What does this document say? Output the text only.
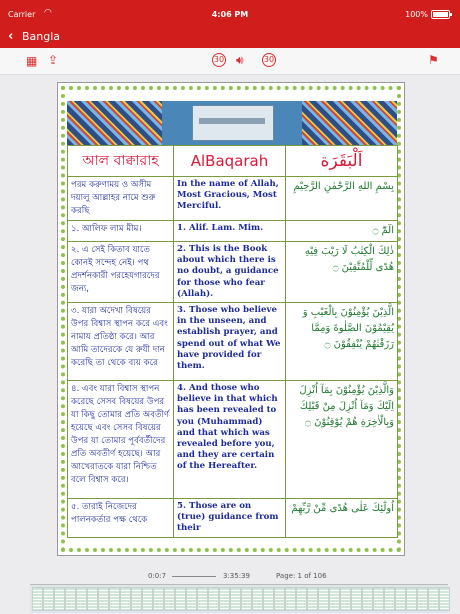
Carrier ◠	4:06 PM	100%
‹ Bangla
▦ ⇪	30 🔊︎	30	⚑
আল বাক্বারাহ	AlBaqarah	اَلْبَقَرَة
পরম করুণাময় ও অসীম দয়ালু আল্লাহর নামে শুরু করছি	In the name of Allah, Most Gracious, Most Merciful.	بِسْمِ اللهِ الرَّحْمٰنِ الرَّحِيْمِ
১. আলিফ লাম মীম।	1. Alif. Lam. Mim.	الٓمّٓ ۝
২. এ সেই কিতাব যাতে কোনই সন্দেহ নেই। পথ প্রদর্শনকারী পরহেযগারদের জন্য,	2. This is the Book about which there is no doubt, a guidance for those who fear (Allah).	ذٰلِكَ الْكِتٰبُ لَا رَيْبَ فِيْهِ هُدًى لِّلْمُتَّقِيْنَ ۝
৩. যারা অদেখা বিষয়ের উপর বিশ্বাস স্থাপন করে এবং নামায প্রতিষ্ঠা করে। আর আমি তাদেরকে যে রুযী দান করেছি তা থেকে ব্যয় করে	3. Those who believe in the unseen, and establish prayer, and spend out of what We have provided for them.	الَّذِيْنَ يُؤْمِنُوْنَ بِالْغَيْبِ وَ يُقِيْمُوْنَ الصَّلٰوةَ وَمِمَّا رَزَقْنٰهُمْ يُنْفِقُوْنَ ۝
৪. এবং যারা বিশ্বাস স্থাপন করেছে সেসব বিষয়ের উপর যা কিছু তোমার প্রতি অবতীর্ণ হয়েছে এবং সেসব বিষয়ের উপর যা তোমার পূর্ববর্তীদের প্রতি অবতীর্ণ হয়েছে। আর আখেরাতকে যারা নিশ্চিত বলে বিশ্বাস করে।	4. And those who believe in that which has been revealed to you (Muhammad) and that which was revealed before you, and they are certain of the Hereafter.	وَالَّذِيْنَ يُؤْمِنُوْنَ بِمَآ اُنْزِلَ اِلَيْكَ وَمَآ اُنْزِلَ مِنْ قَبْلِكَ وَبِالْاٰخِرَةِ هُمْ يُوْقِنُوْنَ ۝
৫. তারাই নিজেদের পালনকর্তার পক্ষ থেকে	5. Those are on (true) guidance from their	اُولٰٓئِكَ عَلٰى هُدًى مِّنْ رَّبِّهِمْ
0:0:7	3:35:39	Page: 1 of 106
